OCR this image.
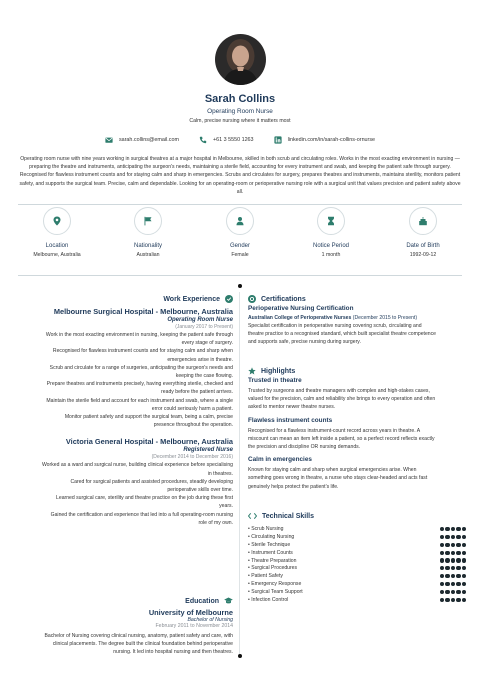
Sarah Collins
Operating Room Nurse
Calm, precise nursing where it matters most
sarah.collins@email.com	+61 3 5550 1263	linkedin.com/in/sarah-collins-ornurse
Operating room nurse with nine years working in surgical theatres at a major hospital in Melbourne, skilled in both scrub and circulating roles. Works in the most exacting environment in nursing — preparing the theatre and instruments, anticipating the surgeon's needs, maintaining a sterile field, accounting for every instrument and swab, and keeping the patient safe through surgery. Recognised for flawless instrument counts and for staying calm and sharp in emergencies. Scrubs and circulates for surgery, prepares theatres and instruments, maintains sterility, monitors patient safety, and supports the surgical team. Precise, calm and dependable. Looking for an operating-room or perioperative nursing role with a surgical unit that values precision and patient safety above all.
Location
Melbourne, Australia
Nationality
Australian
Gender
Female
Notice Period
1 month
Date of Birth
1992-09-12
Work Experience
Melbourne Surgical Hospital - Melbourne, Australia
Operating Room Nurse
(January 2017 to Present)

Work in the most exacting environment in nursing, keeping the patient safe through

every stage of surgery.

Recognised for flawless instrument counts and for staying calm and sharp when

emergencies arise in theatre.

Scrub and circulate for a range of surgeries, anticipating the surgeon's needs and

keeping the case flowing.

Prepare theatres and instruments precisely, having everything sterile, checked and

ready before the patient arrives.

Maintain the sterile field and account for each instrument and swab, where a single

error could seriously harm a patient.

Monitor patient safety and support the surgical team, being a calm, precise

presence throughout the operation.

Victoria General Hospital - Melbourne, Australia
Registered Nurse
(December 2014 to December 2016)

Worked as a ward and surgical nurse, building clinical experience before specialising

in theatres.

Cared for surgical patients and assisted procedures, steadily developing

perioperative skills over time.

Learned surgical care, sterility and theatre practice on the job during these first

years.

Gained the certification and experience that led into a full operating-room nursing

role of my own.

Education
University of Melbourne
Bachelor of Nursing
February 2011 to November 2014

Bachelor of Nursing covering clinical nursing, anatomy, patient safety and care, with

clinical placements. The degree built the clinical foundation behind perioperative

nursing. It led into hospital nursing and then theatres.

Certifications
Perioperative Nursing Certification
Australian College of Perioperative Nurses (December 2015 to Present)

Specialist certification in perioperative nursing covering scrub, circulating and

theatre practice to a recognised standard, which built specialist theatre competence

and supports safe, precise nursing during surgery.

Highlights
Trusted in theatre

Trusted by surgeons and theatre managers with complex and high-stakes cases,

valued for the precision, calm and reliability she brings to every operation and often

asked to mentor newer theatre nurses.

Flawless instrument counts

Recognised for a flawless instrument-count record across years in theatre. A

miscount can mean an item left inside a patient, so a perfect record reflects exactly

the precision and discipline OR nursing demands.

Calm in emergencies

Known for staying calm and sharp when surgical emergencies arise. When

something goes wrong in theatre, a nurse who stays clear-headed and acts fast

genuinely helps protect the patient's life.

Technical Skills
• Scrub Nursing
• Circulating Nursing
• Sterile Technique
• Instrument Counts
• Theatre Preparation
• Surgical Procedures
• Patient Safety
• Emergency Response
• Surgical Team Support
• Infection Control
